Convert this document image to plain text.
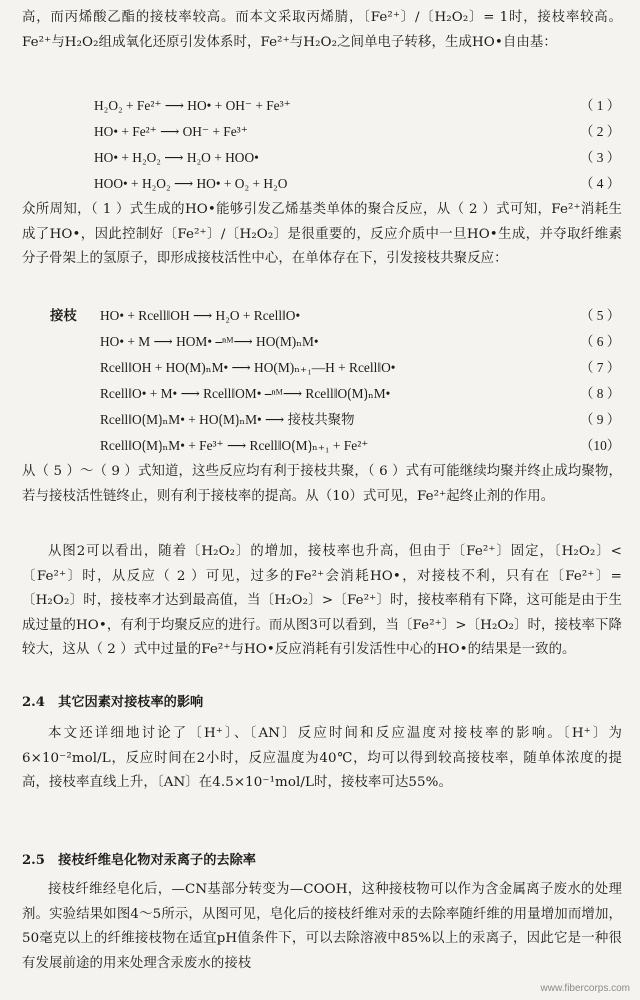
高，而丙烯酸乙酯的接枝率较高。而本文采取丙烯腈，〔Fe²⁺〕/〔H₂O₂〕= 1时，接枝率较高。Fe²⁺与H₂O₂组成氧化还原引发体系时，Fe²⁺与H₂O₂之间单电子转移，生成HO•自由基：
H₂O₂ + Fe²⁺ ⟶ HO• + OH⁻ + Fe³⁺	（ 1 ）
HO• + Fe²⁺ ⟶ OH⁻ + Fe³⁺	（ 2 ）
HO• + H₂O₂ ⟶ H₂O + HOO•	（ 3 ）
HOO• + H₂O₂ ⟶ HO• + O₂ + H₂O	（ 4 ）
众所周知，（ 1 ）式生成的HO•能够引发乙烯基类单体的聚合反应，从（ 2 ）式可知，Fe²⁺消耗生成了HO•，因此控制好〔Fe²⁺〕/〔H₂O₂〕是很重要的，反应介质中一旦HO•生成，并夺取纤维素分子骨架上的氢原子，即形成接枝活性中心，在单体存在下，引发接枝共聚反应：
接枝 HO• + Rcell‖OH ⟶ H₂O + Rcell‖O•	（ 5 ）
HO• + M ⟶ HOM• ⎯ⁿᴹ⟶ HO(M)ₙM•	（ 6 ）
Rcell‖OH + HO(M)ₙM• ⟶ HO(M)ₙ₊₁—H + Rcell‖O•	（ 7 ）
Rcell‖O• + M• ⟶ Rcell‖OM• ⎯ⁿᴹ⟶ Rcell‖O⟮M⟯ₙM•	（ 8 ）
Rcell‖O⟮M⟯ₙM• + HO⟮M⟯ₙM• ⟶ 接枝共聚物	（ 9 ）
Rcell‖O⟮M⟯ₙM• + Fe³⁺ ⟶ Rcell‖O⟮M⟯ₙ₊₁ + Fe²⁺	（10）
从（ 5 ）～（ 9 ）式知道，这些反应均有利于接枝共聚，（ 6 ）式有可能继续均聚并终止成均聚物，若与接枝活性链终止，则有利于接枝率的提高。从（10）式可见，Fe²⁺起终止剂的作用。
从图2可以看出，随着〔H₂O₂〕的增加，接枝率也升高，但由于〔Fe²⁺〕固定，〔H₂O₂〕<〔Fe²⁺〕时，从反应（ 2 ）可见，过多的Fe²⁺会消耗HO•，对接枝不利，只有在〔Fe²⁺〕=〔H₂O₂〕时，接枝率才达到最高值，当〔H₂O₂〕>〔Fe²⁺〕时，接枝率稍有下降，这可能是由于生成过量的HO•，有利于均聚反应的进行。而从图3可以看到，当〔Fe²⁺〕>〔H₂O₂〕时，接枝率下降较大，这从（ 2 ）式中过量的Fe²⁺与HO•反应消耗有引发活性中心的HO•的结果是一致的。
2.4　其它因素对接枝率的影响
本文还详细地讨论了〔H⁺〕、〔AN〕反应时间和反应温度对接枝率的影响。〔H⁺〕为6×10⁻²mol/L，反应时间在2小时，反应温度为40℃，均可以得到较高接枝率，随单体浓度的提高，接枝率直线上升，〔AN〕在4.5×10⁻¹mol/L时，接枝率可达55%。
2.5　接枝纤维皂化物对汞离子的去除率
接枝纤维经皂化后，—CN基部分转变为—COOH，这种接枝物可以作为含金属离子废水的处理剂。实验结果如图4～5所示，从图可见，皂化后的接枝纤维对汞的去除率随纤维的用量增加而增加，50毫克以上的纤维接枝物在适宜pH值条件下，可以去除溶液中85%以上的汞离子，因此它是一种很有发展前途的用来处理含汞废水的接枝
www.fibercorps.com
